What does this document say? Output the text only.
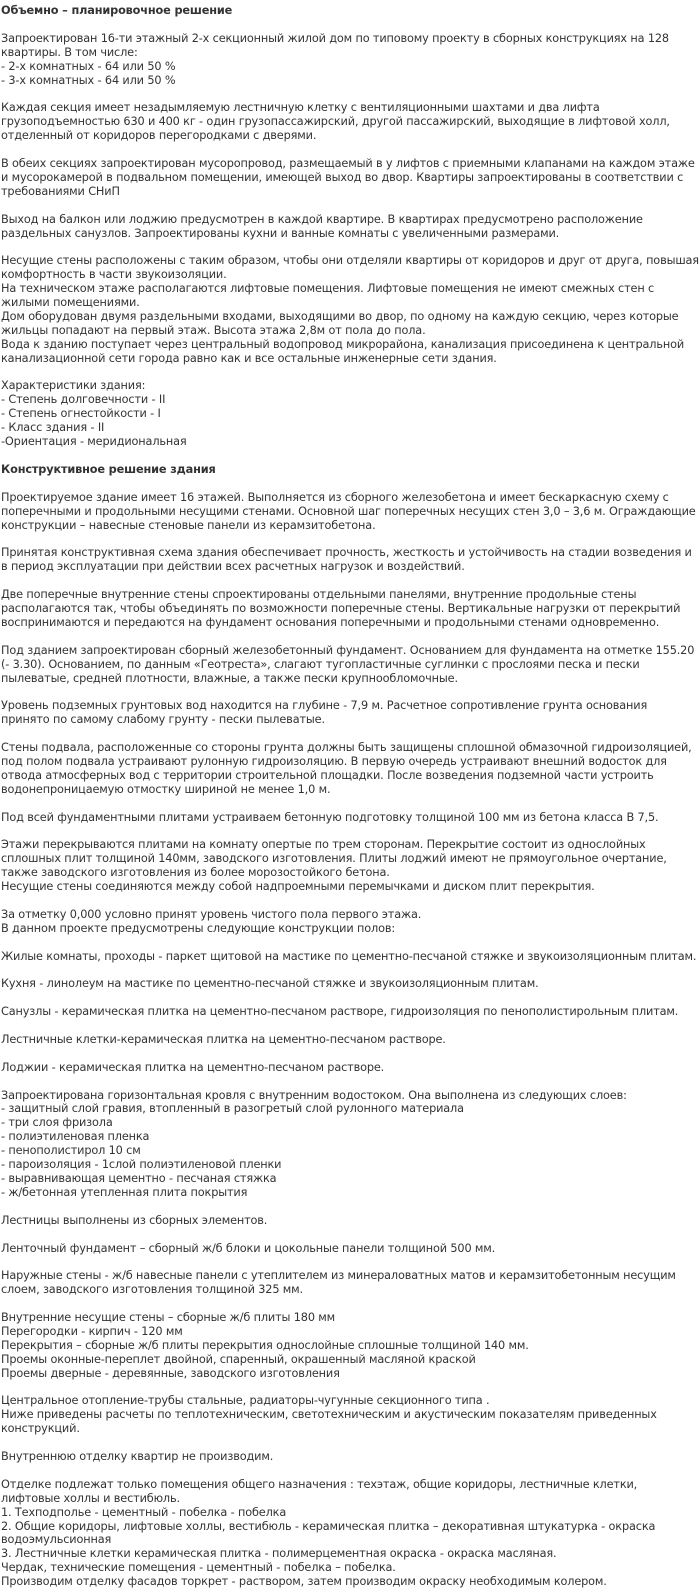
Объемно – планировочное решение

Запроектирован 16-ти этажный 2-х секционный жилой дом по типовому проекту в сборных конструкциях на 128 квартиры. В том числе:
- 2-х комнатных - 64 или 50 %
- 3-х комнатных - 64 или 50 %

Каждая секция имеет незадымляемую лестничную клетку с вентиляционными шахтами и два лифта грузоподъемностью 630 и 400 кг - один грузопассажирский, другой пассажирский, выходящие в лифтовой холл, отделенный от коридоров перегородками с дверями.

В обеих секциях запроектирован мусоропровод, размещаемый в у лифтов с приемными клапанами на каждом этаже и мусорокамерой в подвальном помещении, имеющей выход во двор. Квартиры запроектированы в соответствии с требованиями СНиП

Выход на балкон или лоджию предусмотрен в каждой квартире. В квартирах предусмотрено расположение раздельных санузлов. Запроектированы кухни и ванные комнаты с увеличенными размерами.

Несущие стены расположены с таким образом, чтобы они отделяли квартиры от коридоров и друг от друга, повышая комфортность в части звукоизоляции.
На техническом этаже располагаются лифтовые помещения. Лифтовые помещения не имеют смежных стен с жилыми помещениями.
Дом оборудован двумя раздельными входами, выходящими во двор, по одному на каждую секцию, через которые жильцы попадают на первый этаж. Высота этажа 2,8м от пола до пола.
Вода к зданию поступает через центральный водопровод микрорайона, канализация присоединена к центральной канализационной сети города равно как и все остальные инженерные сети здания.

Характеристики здания:
- Степень долговечности - II
- Степень огнестойкости - I
- Класс здания - II
-Ориентация - меридиональная

Конструктивное решение здания

Проектируемое здание имеет 16 этажей. Выполняется из сборного железобетона и имеет бескаркасную схему с поперечными и продольными несущими стенами. Основной шаг поперечных несущих стен 3,0 – 3,6 м. Ограждающие конструкции – навесные стеновые панели из керамзитобетона.

Принятая конструктивная схема здания обеспечивает прочность, жесткость и устойчивость на стадии возведения и в период эксплуатации при действии всех расчетных нагрузок и воздействий.

Две поперечные внутренние стены спроектированы отдельными панелями, внутренние продольные стены располагаются так, чтобы объединять по возможности поперечные стены. Вертикальные нагрузки от перекрытий воспринимаются и передаются на фундамент основания поперечными и продольными стенами одновременно.

Под зданием запроектирован сборный железобетонный фундамент. Основанием для фундамента на отметке 155.20 (- 3.30). Основанием, по данным «Геотреста», слагают тугопластичные суглинки с прослоями песка и пески пылеватые, средней плотности, влажные, а также пески крупнообломочные.

Уровень подземных грунтовых вод находится на глубине - 7,9 м. Расчетное сопротивление грунта основания принято по самому слабому грунту - пески пылеватые.

Стены подвала, расположенные со стороны грунта должны быть защищены сплошной обмазочной гидроизоляцией, под полом подвала устраивают рулонную гидроизоляцию. В первую очередь устраивают внешний водосток для отвода атмосферных вод с территории строительной площадки. После возведения подземной части устроить водонепроницаемую отмостку шириной не менее 1,0 м.

Под всей фундаментными плитами устраиваем бетонную подготовку толщиной 100 мм из бетона класса В 7,5.

Этажи перекрываются плитами на комнату опертые по трем сторонам. Перекрытие состоит из однослойных сплошных плит толщиной 140мм, заводского изготовления. Плиты лоджий имеют не прямоугольное очертание, также заводского изготовления из более морозостойкого бетона.
Несущие стены соединяются между собой надпроемными перемычками и диском плит перекрытия.

За отметку 0,000 условно принят уровень чистого пола первого этажа.
В данном проекте предусмотрены следующие конструкции полов:

Жилые комнаты, проходы - паркет щитовой на мастике по цементно-песчаной стяжке и звукоизоляционным плитам.

Кухня - линолеум на мастике по цементно-песчаной стяжке и звукоизоляционным плитам.

Санузлы - керамическая плитка на цементно-песчаном растворе, гидроизоляция по пенополистирольным плитам.

Лестничные клетки-керамическая плитка на цементно-песчаном растворе.

Лоджии - керамическая плитка на цементно-песчаном растворе.

Запроектирована горизонтальная кровля с внутренним водостоком. Она выполнена из следующих слоев:
- защитный слой гравия, втопленный в разогретый слой рулонного материала
- три слоя фризола
- полиэтиленовая пленка
- пенополистирол 10 см
- пароизоляция - 1слой полиэтиленовой пленки
- выравнивающая цементно - песчаная стяжка
- ж/бетонная утепленная плита покрытия

Лестницы выполнены из сборных элементов.

Ленточный фундамент – сборный ж/б блоки и цокольные панели толщиной 500 мм.

Наружные стены - ж/б навесные панели с утеплителем из минераловатных матов и керамзитобетонным несущим слоем, заводского изготовления толщиной 325 мм.

Внутренние несущие стены – сборные ж/б плиты 180 мм
Перегородки - кирпич - 120 мм
Перекрытия – сборные ж/б плиты перекрытия однослойные сплошные толщиной 140 мм.
Проемы оконные-переплет двойной, спаренный, окрашенный масляной краской
Проемы дверные - деревянные, заводского изготовления

Центральное отопление-трубы стальные, радиаторы-чугунные секционного типа .
Ниже приведены расчеты по теплотехническим, светотехническим и акустическим показателям приведенных конструкций.

Внутреннюю отделку квартир не производим.

Отделке подлежат только помещения общего назначения : техэтаж, общие коридоры, лестничные клетки, лифтовые холлы и вестибюль.
1. Техподполье - цементный - побелка - побелка
2. Общие коридоры, лифтовые холлы, вестибюль - керамическая плитка – декоративная штукатурка - окраска водоэмульсионная
3. Лестничные клетки керамическая плитка - полимерцементная окраска - окраска масляная.
Чердак, технические помещения - цементный - побелка – побелка.
Производим отделку фасадов торкрет - раствором, затем производим окраску необходимым колером.
